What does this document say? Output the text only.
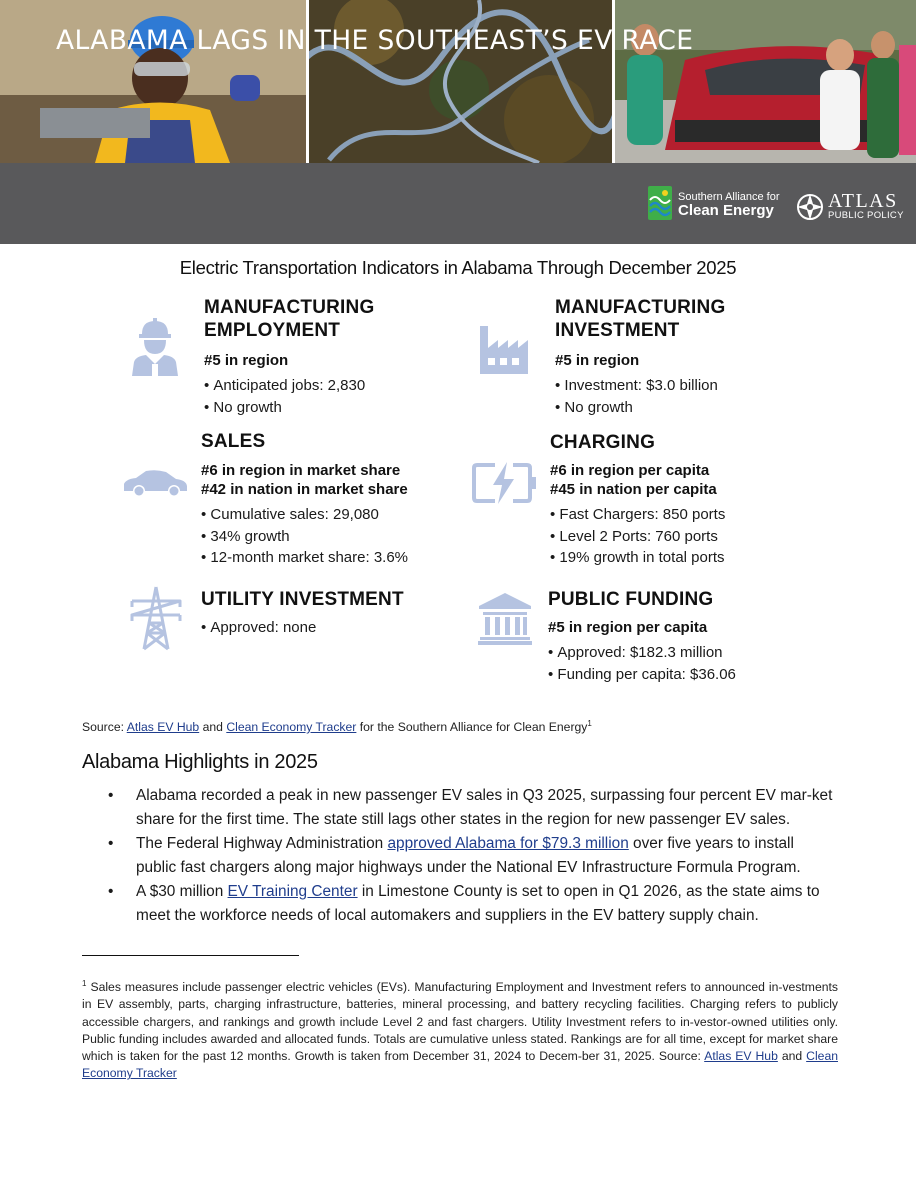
ALABAMA LAGS IN THE SOUTHEAST’S EV RACE
Southern Alliance for
Clean Energy	ATLAS
PUBLIC POLICY
Electric Transportation Indicators in Alabama Through December 2025
MANUFACTURING
EMPLOYMENT
#5 in region
• Anticipated jobs: 2,830
• No growth
MANUFACTURING
INVESTMENT
#5 in region
• Investment: $3.0 billion
• No growth
SALES
#6 in region in market share
#42 in nation in market share
• Cumulative sales: 29,080
• 34% growth
• 12-month market share: 3.6%
CHARGING
#6 in region per capita
#45 in nation per capita
• Fast Chargers: 850 ports
• Level 2 Ports: 760 ports
• 19% growth in total ports
UTILITY INVESTMENT
• Approved: none
PUBLIC FUNDING
#5 in region per capita
• Approved: $182.3 million
• Funding per capita: $36.06
Source: Atlas EV Hub and Clean Economy Tracker for the Southern Alliance for Clean Energy$^1$
Alabama Highlights in 2025
• Alabama recorded a peak in new passenger EV sales in Q3 2025, surpassing four percent EV mar-ket share for the first time. The state still lags other states in the region for new passenger EV sales.
• The Federal Highway Administration approved Alabama for $79.3 million over five years to install public fast chargers along major highways under the National EV Infrastructure Formula Program.
• A $30 million EV Training Center in Limestone County is set to open in Q1 2026, as the state aims to meet the workforce needs of local automakers and suppliers in the EV battery supply chain.
$^1$ Sales measures include passenger electric vehicles (EVs). Manufacturing Employment and Investment refers to announced in-vestments in EV assembly, parts, charging infrastructure, batteries, mineral processing, and battery recycling facilities. Charging refers to publicly accessible chargers, and rankings and growth include Level 2 and fast chargers. Utility Investment refers to in-vestor-owned utilities only. Public funding includes awarded and allocated funds. Totals are cumulative unless stated. Rankings are for all time, except for market share which is taken for the past 12 months. Growth is taken from December 31, 2024 to Decem-ber 31, 2025. Source: Atlas EV Hub and Clean Economy Tracker
